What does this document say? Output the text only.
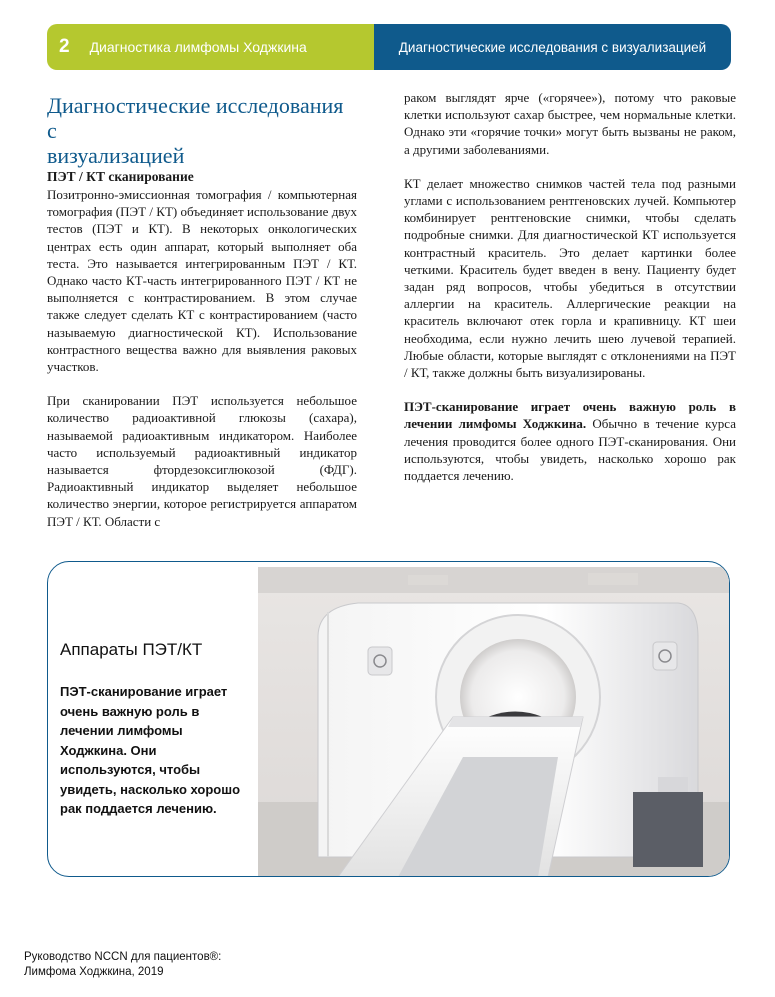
2 Диагностика лимфомы Ходжкина	Диагностические исследования с визуализацией
Диагностические исследования с
визуализацией
ПЭТ / КТ сканирование

Позитронно-эмиссионная томография / компьютерная томография (ПЭТ / КТ) объединяет использование двух тестов (ПЭТ и КТ). В некоторых онкологических центрах есть один аппарат, который выполняет оба теста. Это называется интегрированным ПЭТ / КТ. Однако часто КТ-часть интегрированного ПЭТ / КТ не выполняется с контрастированием. В этом случае также следует сделать КТ с контрастированием (часто называемую диагностической КТ). Использование контрастного вещества важно для выявления раковых участков.

При сканировании ПЭТ используется небольшое количество радиоактивной глюкозы (сахара), называемой радиоактивным индикатором. Наиболее часто используемый радиоактивный индикатор называется фтордезоксиглюкозой (ФДГ). Радиоактивный индикатор выделяет небольшое количество энергии, которое регистрируется аппаратом ПЭТ / КТ. Области с

раком выглядят ярче («горячее»), потому что раковые клетки используют сахар быстрее, чем нормальные клетки. Однако эти «горячие точки» могут быть вызваны не раком, а другими заболеваниями.

КТ делает множество снимков частей тела под разными углами с использованием рентгеновских лучей. Компьютер комбинирует рентгеновские снимки, чтобы сделать подробные снимки. Для диагностической КТ используется контрастный краситель. Это делает картинки более четкими. Краситель будет введен в вену. Пациенту будет задан ряд вопросов, чтобы убедиться в отсутствии аллергии на краситель. Аллергические реакции на краситель включают отек горла и крапивницу. КТ шеи необходима, если нужно лечить шею лучевой терапией. Любые области, которые выглядят с отклонениями на ПЭТ / КТ, также должны быть визуализированы.

ПЭТ-сканирование играет очень важную роль в лечении лимфомы Ходжкина. Обычно в течение курса лечения проводится более одного ПЭТ-сканирования. Они используются, чтобы увидеть, насколько хорошо рак поддается лечению.

Аппараты ПЭТ/КТ
ПЭТ-сканирование играет очень важную роль в лечении лимфомы Ходжкина. Они используются, чтобы увидеть, насколько хорошо рак поддается лечению.
Руководство NCCN для пациентов®:
Лимфома Ходжкина, 2019
